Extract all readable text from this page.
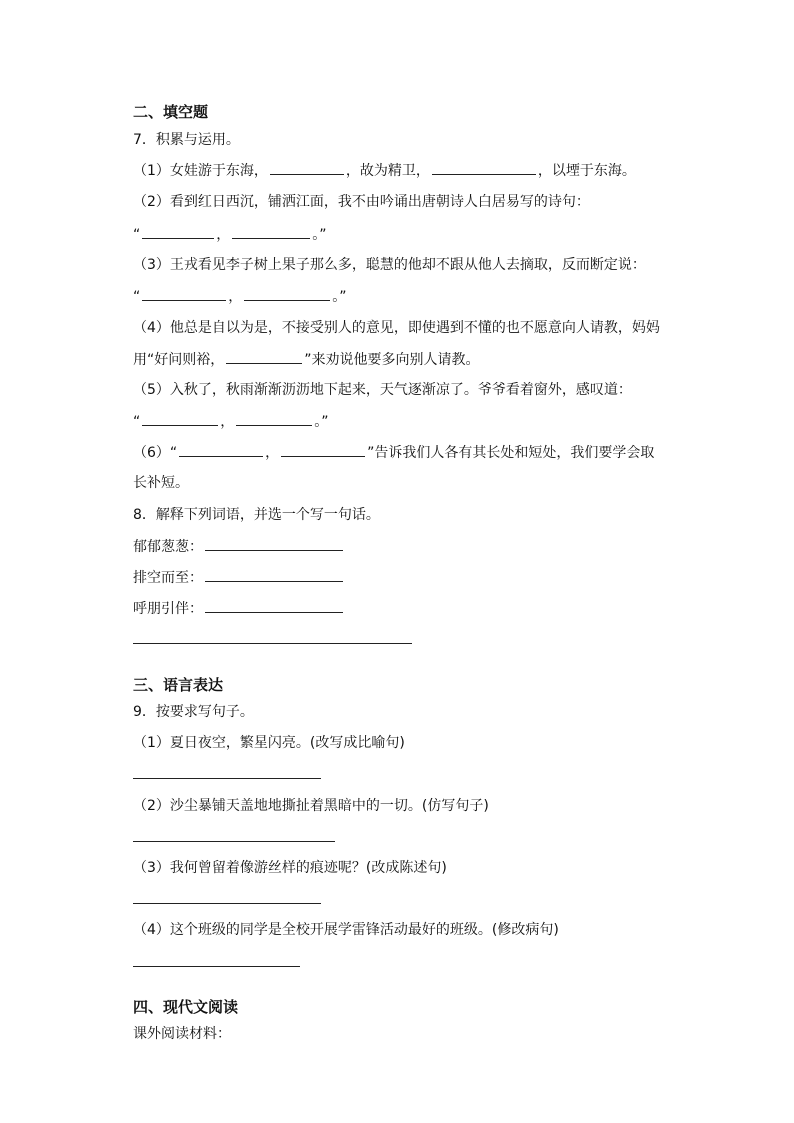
二、填空题
7．积累与运用。
（1）女娃游于东海，	，故为精卫，	，以堙于东海。
（2）看到红日西沉，铺洒江面，我不由吟诵出唐朝诗人白居易写的诗句：
“	，	。”
（3）王戎看见李子树上果子那么多，聪慧的他却不跟从他人去摘取，反而断定说：
“	，	。”
（4）他总是自以为是，不接受别人的意见，即使遇到不懂的也不愿意向人请教，妈妈
用“好问则裕，	”来劝说他要多向别人请教。
（5）入秋了，秋雨渐渐沥沥地下起来，天气逐渐凉了。爷爷看着窗外，感叹道：
“	，	。”
（6）“	，	”告诉我们人各有其长处和短处，我们要学会取
长补短。
8．解释下列词语，并选一个写一句话。
郁郁葱葱：
排空而至：
呼朋引伴：
三、语言表达
9．按要求写句子。
（1）夏日夜空，繁星闪亮。(改写成比喻句)
（2）沙尘暴铺天盖地地撕扯着黑暗中的一切。(仿写句子)
（3）我何曾留着像游丝样的痕迹呢？(改成陈述句)
（4）这个班级的同学是全校开展学雷锋活动最好的班级。(修改病句)
四、现代文阅读
课外阅读材料：
